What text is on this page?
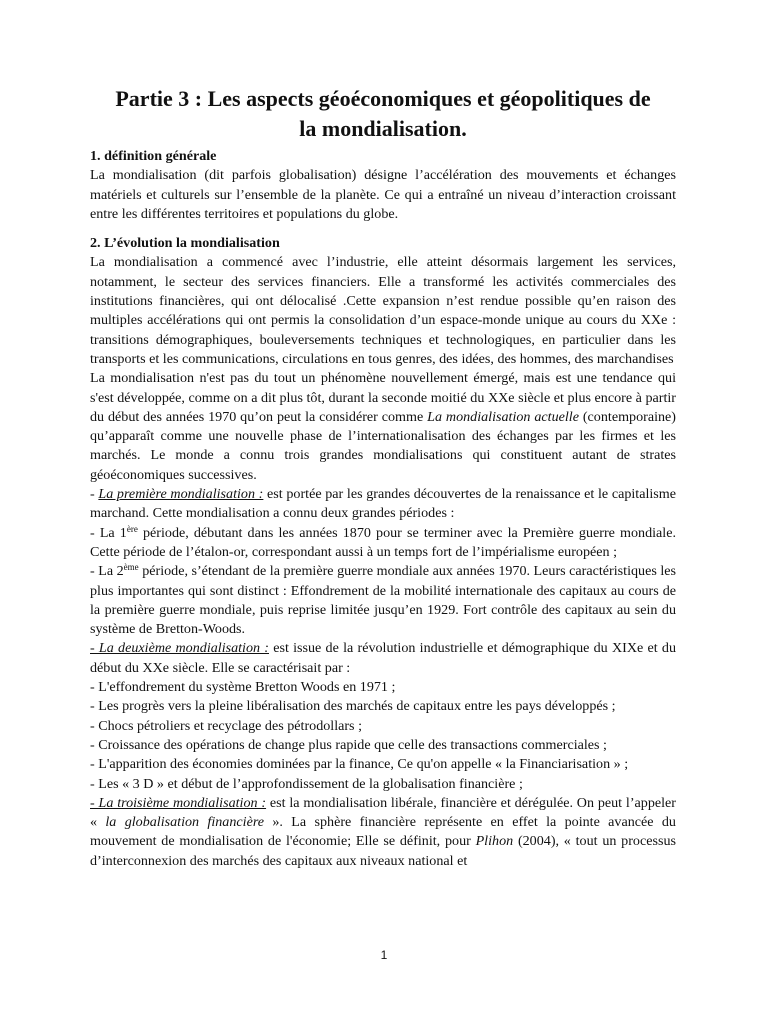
Partie 3 : Les aspects géoéconomiques et géopolitiques de
la mondialisation.
1. définition générale

La mondialisation (dit parfois globalisation) désigne l’accélération des mouvements et échanges matériels et culturels sur l’ensemble de la planète. Ce qui a entraîné un niveau d’interaction croissant entre les différentes territoires et populations du globe.

2. L’évolution la mondialisation

La mondialisation a commencé avec l’industrie, elle atteint désormais largement les services, notamment, le secteur des services financiers. Elle a transformé les activités commerciales des institutions financières, qui ont délocalisé .Cette expansion n’est rendue possible qu’en raison des multiples accélérations qui ont permis la consolidation d’un espace-monde unique au cours du XXe : transitions démographiques, bouleversements techniques et technologiques, en particulier dans les transports et les communications, circulations en tous genres, des idées, des hommes, des marchandises

La mondialisation n'est pas du tout un phénomène nouvellement émergé, mais est une tendance qui s'est développée, comme on a dit plus tôt, durant la seconde moitié du XXe siècle et plus encore à partir du début des années 1970 qu’on peut la considérer comme La mondialisation actuelle (contemporaine) qu’apparaît comme une nouvelle phase de l’internationalisation des échanges par les firmes et les marchés. Le monde a connu trois grandes mondialisations qui constituent autant de strates géoéconomiques successives.

- La première mondialisation : est portée par les grandes découvertes de la renaissance et le capitalisme marchand. Cette mondialisation a connu deux grandes périodes :

- La 1ère période, débutant dans les années 1870 pour se terminer avec la Première guerre mondiale. Cette période de l’étalon-or, correspondant aussi à un temps fort de l’impérialisme européen ;

- La 2ème période, s’étendant de la première guerre mondiale aux années 1970. Leurs caractéristiques les plus importantes qui sont distinct : Effondrement de la mobilité internationale des capitaux au cours de la première guerre mondiale, puis reprise limitée jusqu’en 1929. Fort contrôle des capitaux au sein du système de Bretton-Woods.

- La deuxième mondialisation : est issue de la révolution industrielle et démographique du XIXe et du début du XXe siècle. Elle se caractérisait par :

- L'effondrement du système Bretton Woods en 1971 ;

- Les progrès vers la pleine libéralisation des marchés de capitaux entre les pays développés ;

- Chocs pétroliers et recyclage des pétrodollars ;

- Croissance des opérations de change plus rapide que celle des transactions commerciales ;

- L'apparition des économies dominées par la finance, Ce qu'on appelle « la Financiarisation » ;

- Les « 3 D » et début de l’approfondissement de la globalisation financière ;

- La troisième mondialisation : est la mondialisation libérale, financière et dérégulée. On peut l’appeler « la globalisation financière ». La sphère financière représente en effet la pointe avancée du mouvement de mondialisation de l'économie; Elle se définit, pour Plihon (2004), « tout un processus d’interconnexion des marchés des capitaux aux niveaux national et

1
